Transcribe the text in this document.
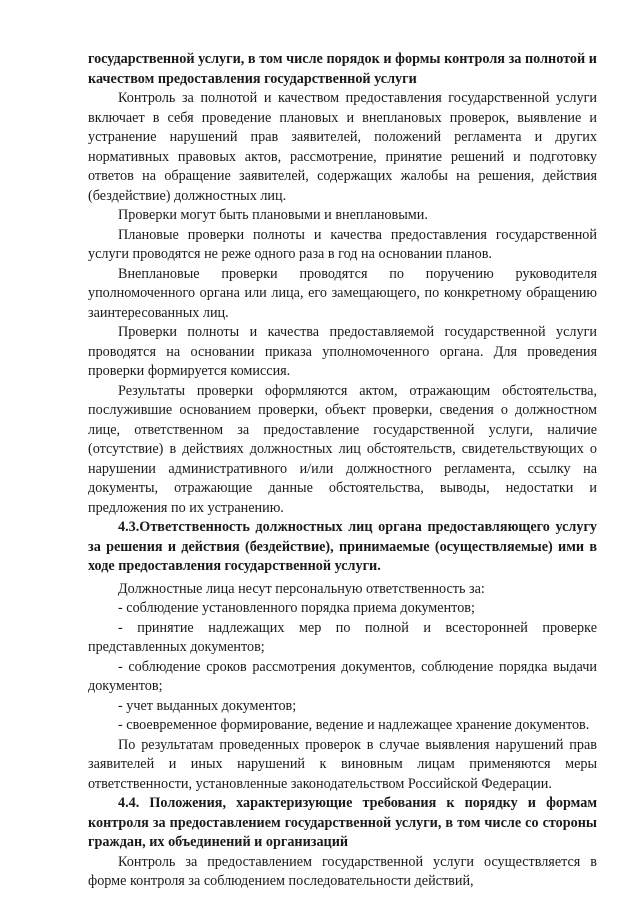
государственной услуги, в том числе порядок и формы контроля за полнотой и качеством предоставления государственной услуги

Контроль за полнотой и качеством предоставления государственной услуги включает в себя проведение плановых и внеплановых проверок, выявление и устранение нарушений прав заявителей, положений регламента и других нормативных правовых актов, рассмотрение, принятие решений и подготовку ответов на обращение заявителей, содержащих жалобы на решения, действия (бездействие) должностных лиц.

Проверки могут быть плановыми и внеплановыми.

Плановые проверки полноты и качества предоставления государственной услуги проводятся не реже одного раза в год на основании планов.

Внеплановые проверки проводятся по поручению руководителя уполномоченного органа или лица, его замещающего, по конкретному обращению заинтересованных лиц.

Проверки полноты и качества предоставляемой государственной услуги проводятся на основании приказа уполномоченного органа. Для проведения проверки формируется комиссия.

Результаты проверки оформляются актом, отражающим обстоятельства, послужившие основанием проверки, объект проверки, сведения о должностном лице, ответственном за предоставление государственной услуги, наличие (отсутствие) в действиях должностных лиц обстоятельств, свидетельствующих о нарушении административного и/или должностного регламента, ссылку на документы, отражающие данные обстоятельства, выводы, недостатки и предложения по их устранению.

4.3.Ответственность должностных лиц органа предоставляющего услугу за решения и действия (бездействие), принимаемые (осуществляемые) ими в ходе предоставления государственной услуги.

Должностные лица несут персональную ответственность за:

- соблюдение установленного порядка приема документов;

- принятие надлежащих мер по полной и всесторонней проверке представленных документов;

- соблюдение сроков рассмотрения документов, соблюдение порядка выдачи документов;

- учет выданных документов;

- своевременное формирование, ведение и надлежащее хранение документов.

По результатам проведенных проверок в случае выявления нарушений прав заявителей и иных нарушений к виновным лицам применяются меры ответственности, установленные законодательством Российской Федерации.

4.4. Положения, характеризующие требования к порядку и формам контроля за предоставлением государственной услуги, в том числе со стороны граждан, их объединений и организаций

Контроль за предоставлением государственной услуги осуществляется в форме контроля за соблюдением последовательности действий,
